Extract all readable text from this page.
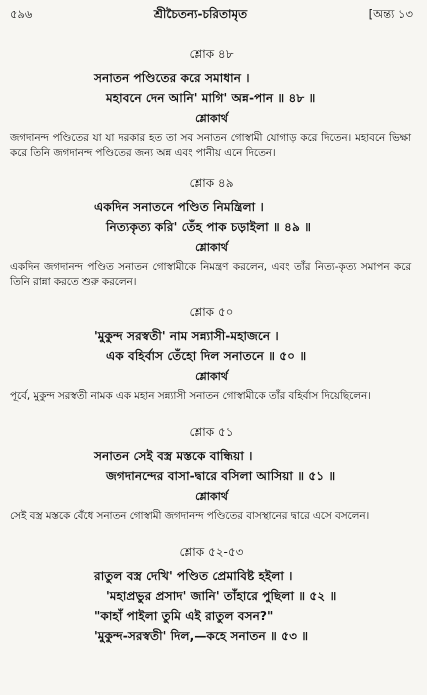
৫৯৬	শ্রীচৈতন্য-চরিতামৃত	[অন্ত্য ১৩
শ্লোক ৪৮
সনাতন পণ্ডিতের করে সমাধান ।
মহাবনে দেন আনি' মাগি' অন্ন-পান ॥ ৪৮ ॥
শ্লোকার্থ
জগদানন্দ পণ্ডিতের যা যা দরকার হত তা সব সনাতন গোস্বামী যোগাড় করে দিতেন। মহাবনে ভিক্ষা করে তিনি জগদানন্দ পণ্ডিতের জন্য অন্ন এবং পানীয় এনে দিতেন।
শ্লোক ৪৯
একদিন সনাতনে পণ্ডিত নিমন্ত্রিলা ।
নিত্যকৃত্য করি' তেঁহ পাক চড়াইলা ॥ ৪৯ ॥
শ্লোকার্থ
একদিন জগদানন্দ পণ্ডিত সনাতন গোস্বামীকে নিমন্ত্রণ করলেন, এবং তাঁর নিত্য-কৃত্য সমাপন করে তিনি রান্না করতে শুরু করলেন।
শ্লোক ৫০
'মুকুন্দ সরস্বতী' নাম সন্ন্যাসী-মহাজনে ।
এক বহির্বাস তেঁহো দিল সনাতনে ॥ ৫০ ॥
শ্লোকার্থ
পূর্বে, মুকুন্দ সরস্বতী নামক এক মহান সন্ন্যাসী সনাতন গোস্বামীকে তাঁর বহির্বাস দিয়েছিলেন।
শ্লোক ৫১
সনাতন সেই বস্ত্র মস্তকে বান্ধিয়া ।
জগদানন্দের বাসা-দ্বারে বসিলা আসিয়া ॥ ৫১ ॥
শ্লোকার্থ
সেই বস্ত্র মস্তকে বেঁধে সনাতন গোস্বামী জগদানন্দ পণ্ডিতের বাসস্থানের দ্বারে এসে বসলেন।
শ্লোক ৫২-৫৩
রাতুল বস্ত্র দেখি' পণ্ডিত প্রেমাবিষ্ট হইলা ।
'মহাপ্রভুর প্রসাদ' জানি' তাঁহারে পুছিলা ॥ ৫২ ॥
"কাহাঁ পাইলা তুমি এই রাতুল বসন?"
'মুকুন্দ-সরস্বতী' দিল,—কহে সনাতন ॥ ৫৩ ॥
